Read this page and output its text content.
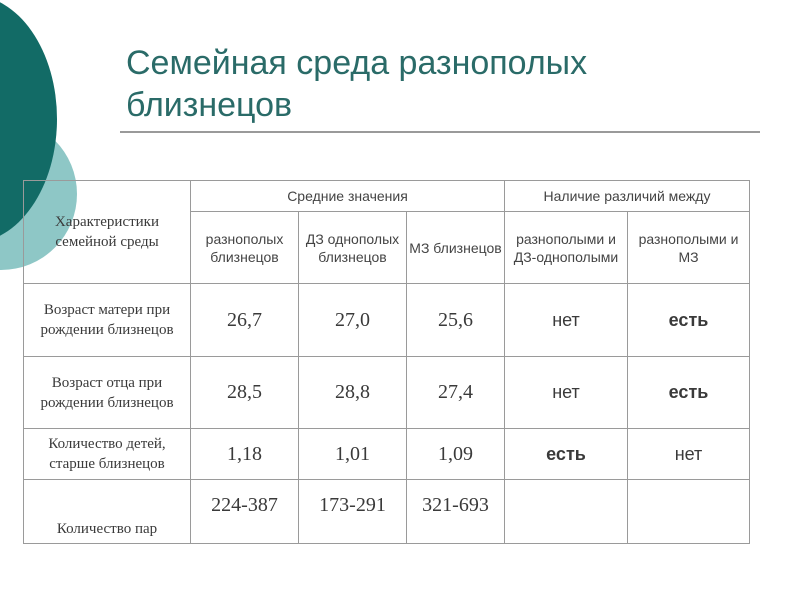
Семейная среда разнополых
близнецов
Характеристики семейной среды	Средние значения			Наличие различий между	
	разнополых близнецов	ДЗ однополых близнецов	МЗ близнецов	разнополыми и ДЗ-однополыми	разнополыми и МЗ
Возраст матери при рождении близнецов	26,7	27,0	25,6	нет	есть
Возраст отца при рождении близнецов	28,5	28,8	27,4	нет	есть
Количество детей, старше близнецов	1,18	1,01	1,09	есть	нет
Количество пар	224-387	173-291	321-693		
